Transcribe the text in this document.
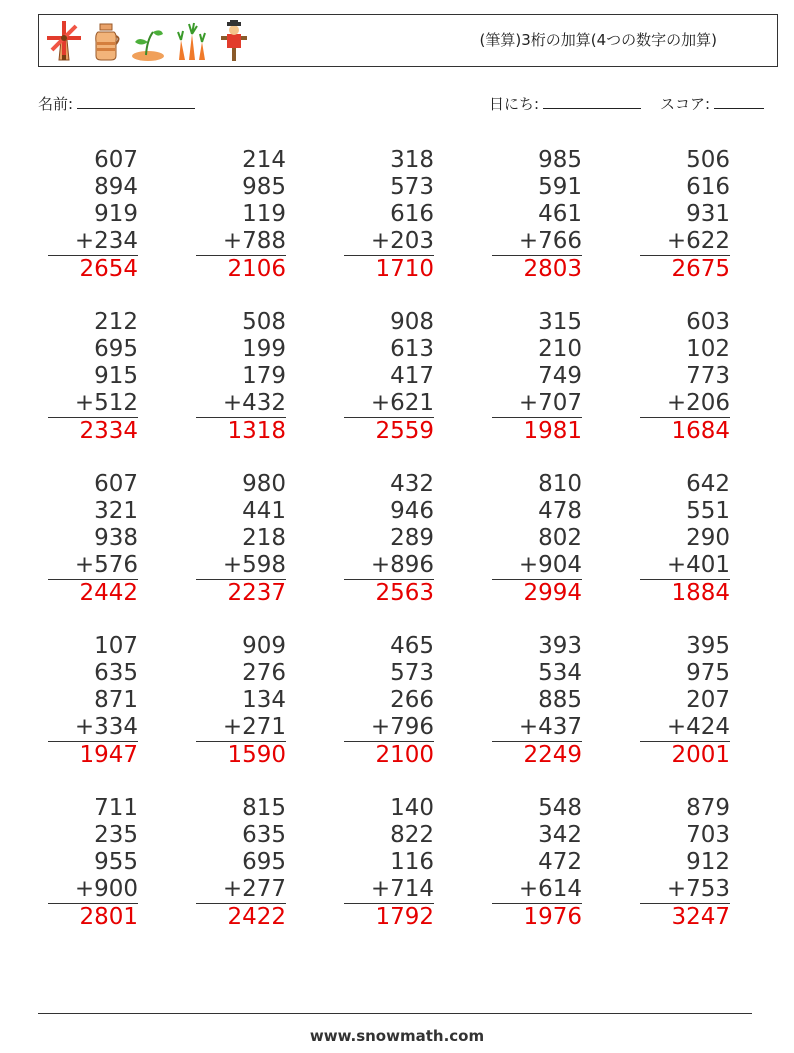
(筆算)3桁の加算(4つの数字の加算)
名前:	日にち:	スコア:
607
894
919
+234
2654
214
985
119
+788
2106
318
573
616
+203
1710
985
591
461
+766
2803
506
616
931
+622
2675
212
695
915
+512
2334
508
199
179
+432
1318
908
613
417
+621
2559
315
210
749
+707
1981
603
102
773
+206
1684
607
321
938
+576
2442
980
441
218
+598
2237
432
946
289
+896
2563
810
478
802
+904
2994
642
551
290
+401
1884
107
635
871
+334
1947
909
276
134
+271
1590
465
573
266
+796
2100
393
534
885
+437
2249
395
975
207
+424
2001
711
235
955
+900
2801
815
635
695
+277
2422
140
822
116
+714
1792
548
342
472
+614
1976
879
703
912
+753
3247
www.snowmath.com
